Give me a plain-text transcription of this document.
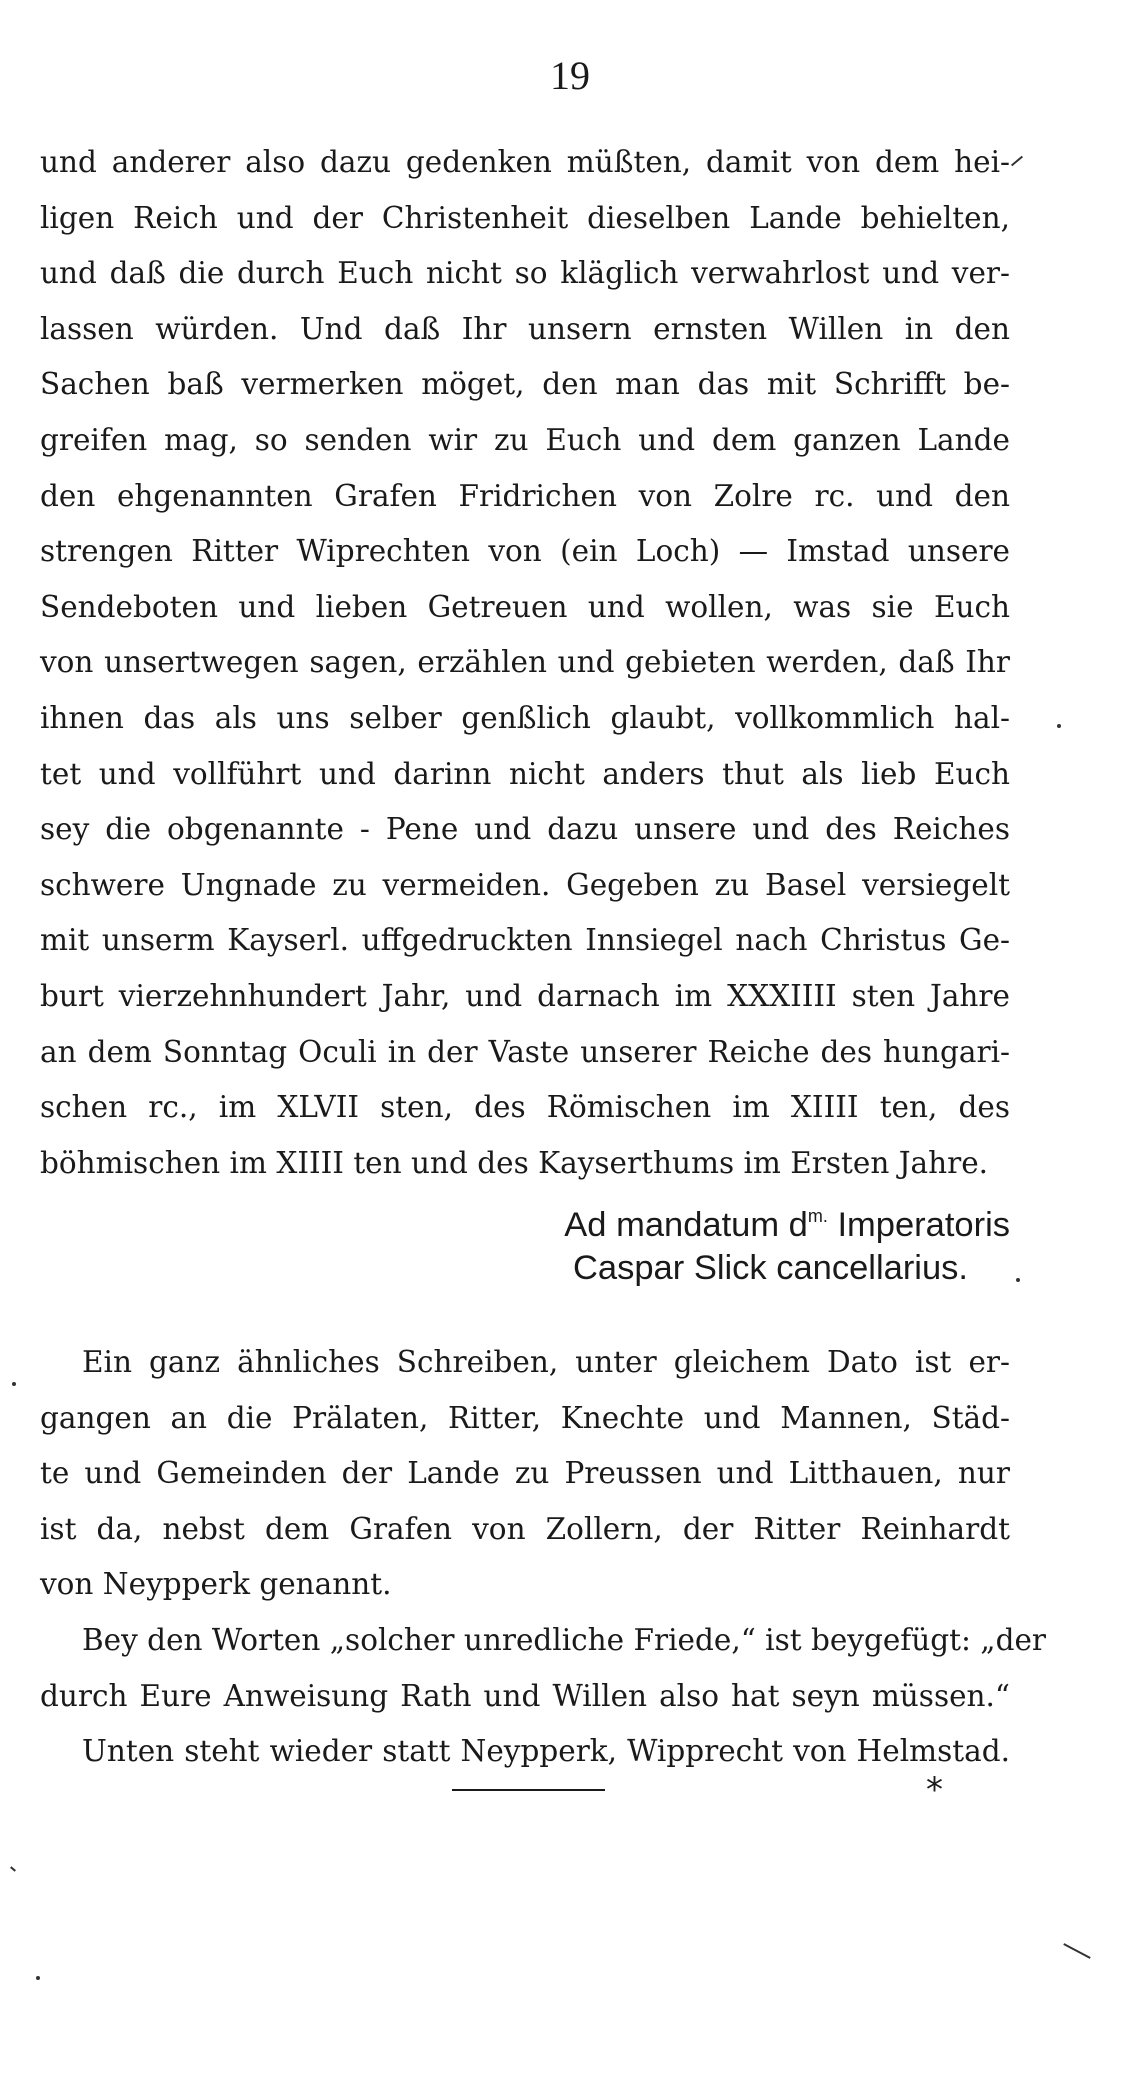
19
und anderer also dazu gedenken müßten, damit von dem hei-
ligen Reich und der Christenheit dieselben Lande behielten,
und daß die durch Euch nicht so kläglich verwahrlost und ver-
lassen würden. Und daß Ihr unsern ernsten Willen in den
Sachen baß vermerken möget, den man das mit Schrifft be-
greifen mag, so senden wir zu Euch und dem ganzen Lande
den ehgenannten Grafen Fridrichen von Zolre rc. und den
strengen Ritter Wiprechten von (ein Loch) — Imstad unsere
Sendeboten und lieben Getreuen und wollen, was sie Euch
von unsertwegen sagen, erzählen und gebieten werden, daß Ihr
ihnen das als uns selber genßlich glaubt, vollkommlich hal-
tet und vollführt und darinn nicht anders thut als lieb Euch
sey die obgenannte - Pene und dazu unsere und des Reiches
schwere Ungnade zu vermeiden. Gegeben zu Basel versiegelt
mit unserm Kayserl. uffgedruckten Innsiegel nach Christus Ge-
burt vierzehnhundert Jahr, und darnach im XXXIIII sten Jahre
an dem Sonntag Oculi in der Vaste unserer Reiche des hungari-
schen rc., im XLVII sten, des Römischen im XIIII ten, des
böhmischen im XIIII ten und des Kayserthums im Ersten Jahre.
Ad mandatum $d^{m.}$ Imperatoris
Caspar Slick cancellarius.
Ein ganz ähnliches Schreiben, unter gleichem Dato ist er-
gangen an die Prälaten, Ritter, Knechte und Mannen, Städ-
te und Gemeinden der Lande zu Preussen und Litthauen, nur
ist da, nebst dem Grafen von Zollern, der Ritter Reinhardt
von Neypperk genannt.
Bey den Worten „solcher unredliche Friede,“ ist beygefügt: „der
durch Eure Anweisung Rath und Willen also hat seyn müssen.“
Unten steht wieder statt Neypperk, Wipprecht von Helmstad.
*
